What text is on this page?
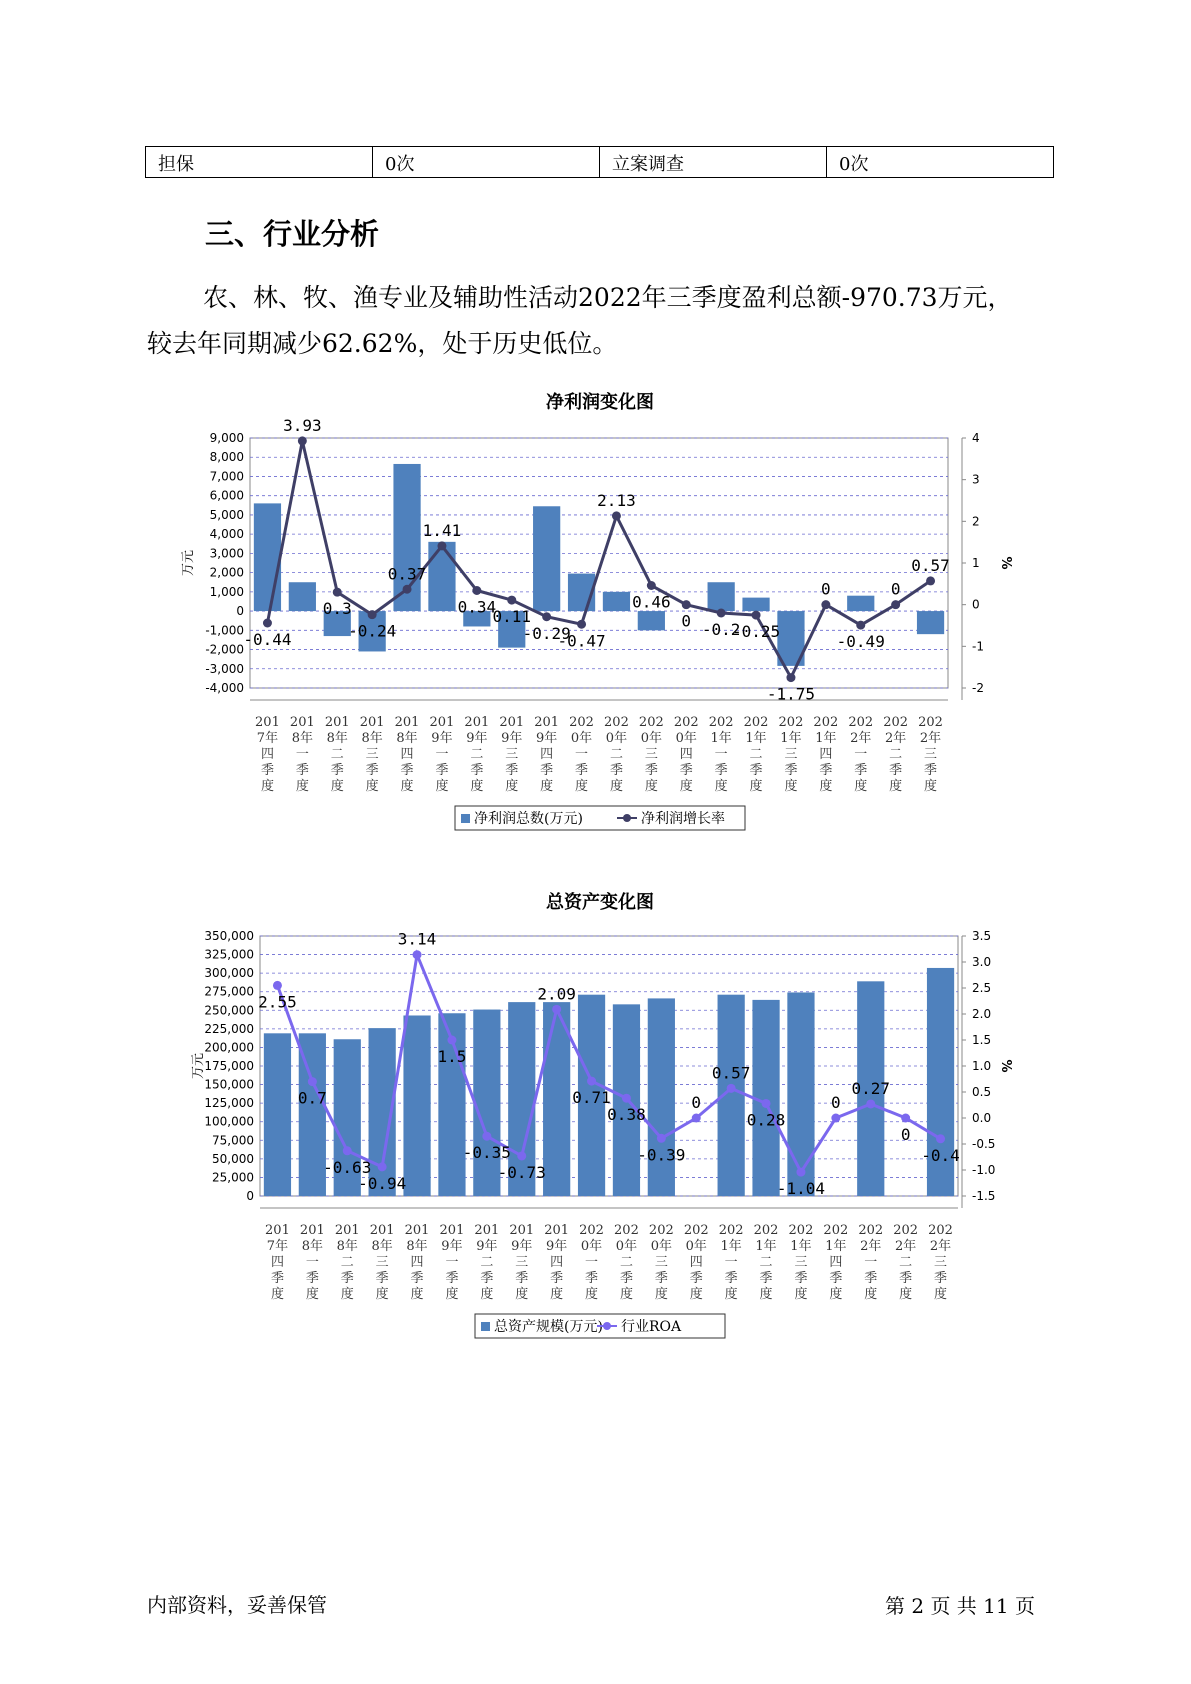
担保	0次	立案调查	0次
三、行业分析
农、林、牧、渔专业及辅助性活动2022年三季度盈利总额-970.73万元，
较去年同期减少62.62%，处于历史低位。
净利润变化图
9,000
8,000
7,000
6,000
5,000
4,000
3,000
2,000
1,000
0
-1,000
-2,000
-3,000
-4,000
4
3
2
1
0
-1
-2
万元	%
-0.44
3.93
0.3
-0.24
0.37
1.41
0.34
0.11
-0.29
-0.47
2.13
0.46
0 -0.2
-0.25
-1.75
0
-0.49
0
0.57
201
7年
四
季
度
201
8年
一
季
度
201
8年
二
季
度
201
8年
三
季
度
201
8年
四
季
度
201
9年
一
季
度
201
9年
二
季
度
201
9年
三
季
度
201
9年
四
季
度
202
0年
一
季
度
202
0年
二
季
度
202
0年
三
季
度
202
0年
四
季
度
202
1年
一
季
度
202
1年
二
季
度
202
1年
三
季
度
202
1年
四
季
度
202
2年
一
季
度
202
2年
二
季
度
202
2年
三
季
度
净利润总数(万元)	净利润增长率
总资产变化图
350,000
325,000
300,000
275,000
250,000
225,000
200,000
175,000
150,000
125,000
100,000
75,000
50,000
25,000
0
3.5
3.0
2.5
2.0
1.5
1.0
0.5
0.0
-0.5
-1.0
-1.5
万元	%
2.55
0.7
-0.63
-0.94
3.14
1.5
-0.35
-0.73
2.09
0.71
0.38
-0.39
0
0.57
0.28
-1.04
0
0.27
0
-0.4
201
7年
四
季
度
201
8年
一
季
度
201
8年
二
季
度
201
8年
三
季
度
201
8年
四
季
度
201
9年
一
季
度
201
9年
二
季
度
201
9年
三
季
度
201
9年
四
季
度
202
0年
一
季
度
202
0年
二
季
度
202
0年
三
季
度
202
0年
四
季
度
202
1年
一
季
度
202
1年
二
季
度
202
1年
三
季
度
202
1年
四
季
度
202
2年
一
季
度
202
2年
二
季
度
202
2年
三
季
度
总资产规模(万元) 行业ROA
内部资料，妥善保管	第 2 页 共 11 页
